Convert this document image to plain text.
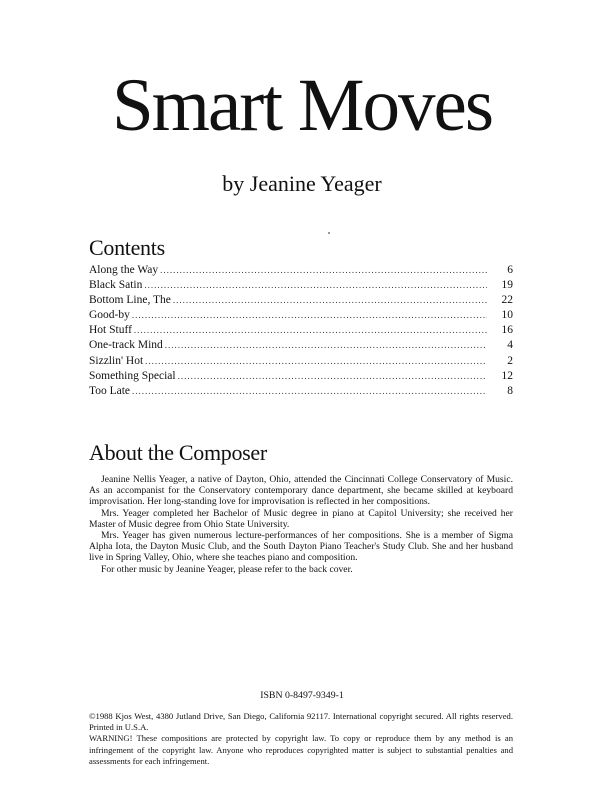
Smart Moves
by Jeanine Yeager
Contents
Along the Way .....	6
Black Satin .....	19
Bottom Line, The .....	22
Good-by .....	10
Hot Stuff .....	16
One-track Mind .....	4
Sizzlin' Hot .....	2
Something Special .....	12
Too Late .....	8
About the Composer

Jeanine Nellis Yeager, a native of Dayton, Ohio, attended the Cincinnati College Conservatory of Music. As an accompanist for the Conservatory contemporary dance department, she became skilled at keyboard improvisation. Her long-standing love for improvisation is reflected in her compositions.

Mrs. Yeager completed her Bachelor of Music degree in piano at Capitol University; she received her Master of Music degree from Ohio State University.

Mrs. Yeager has given numerous lecture-performances of her compositions. She is a member of Sigma Alpha Iota, the Dayton Music Club, and the South Dayton Piano Teacher's Study Club. She and her husband live in Spring Valley, Ohio, where she teaches piano and composition.

For other music by Jeanine Yeager, please refer to the back cover.

ISBN 0-8497-9349-1

©1988 Kjos West, 4380 Jutland Drive, San Diego, California 92117. International copyright secured. All rights reserved. Printed in U.S.A.

WARNING! These compositions are protected by copyright law. To copy or reproduce them by any method is an infringement of the copyright law. Anyone who reproduces copyrighted matter is subject to substantial penalties and assessments for each infringement.
